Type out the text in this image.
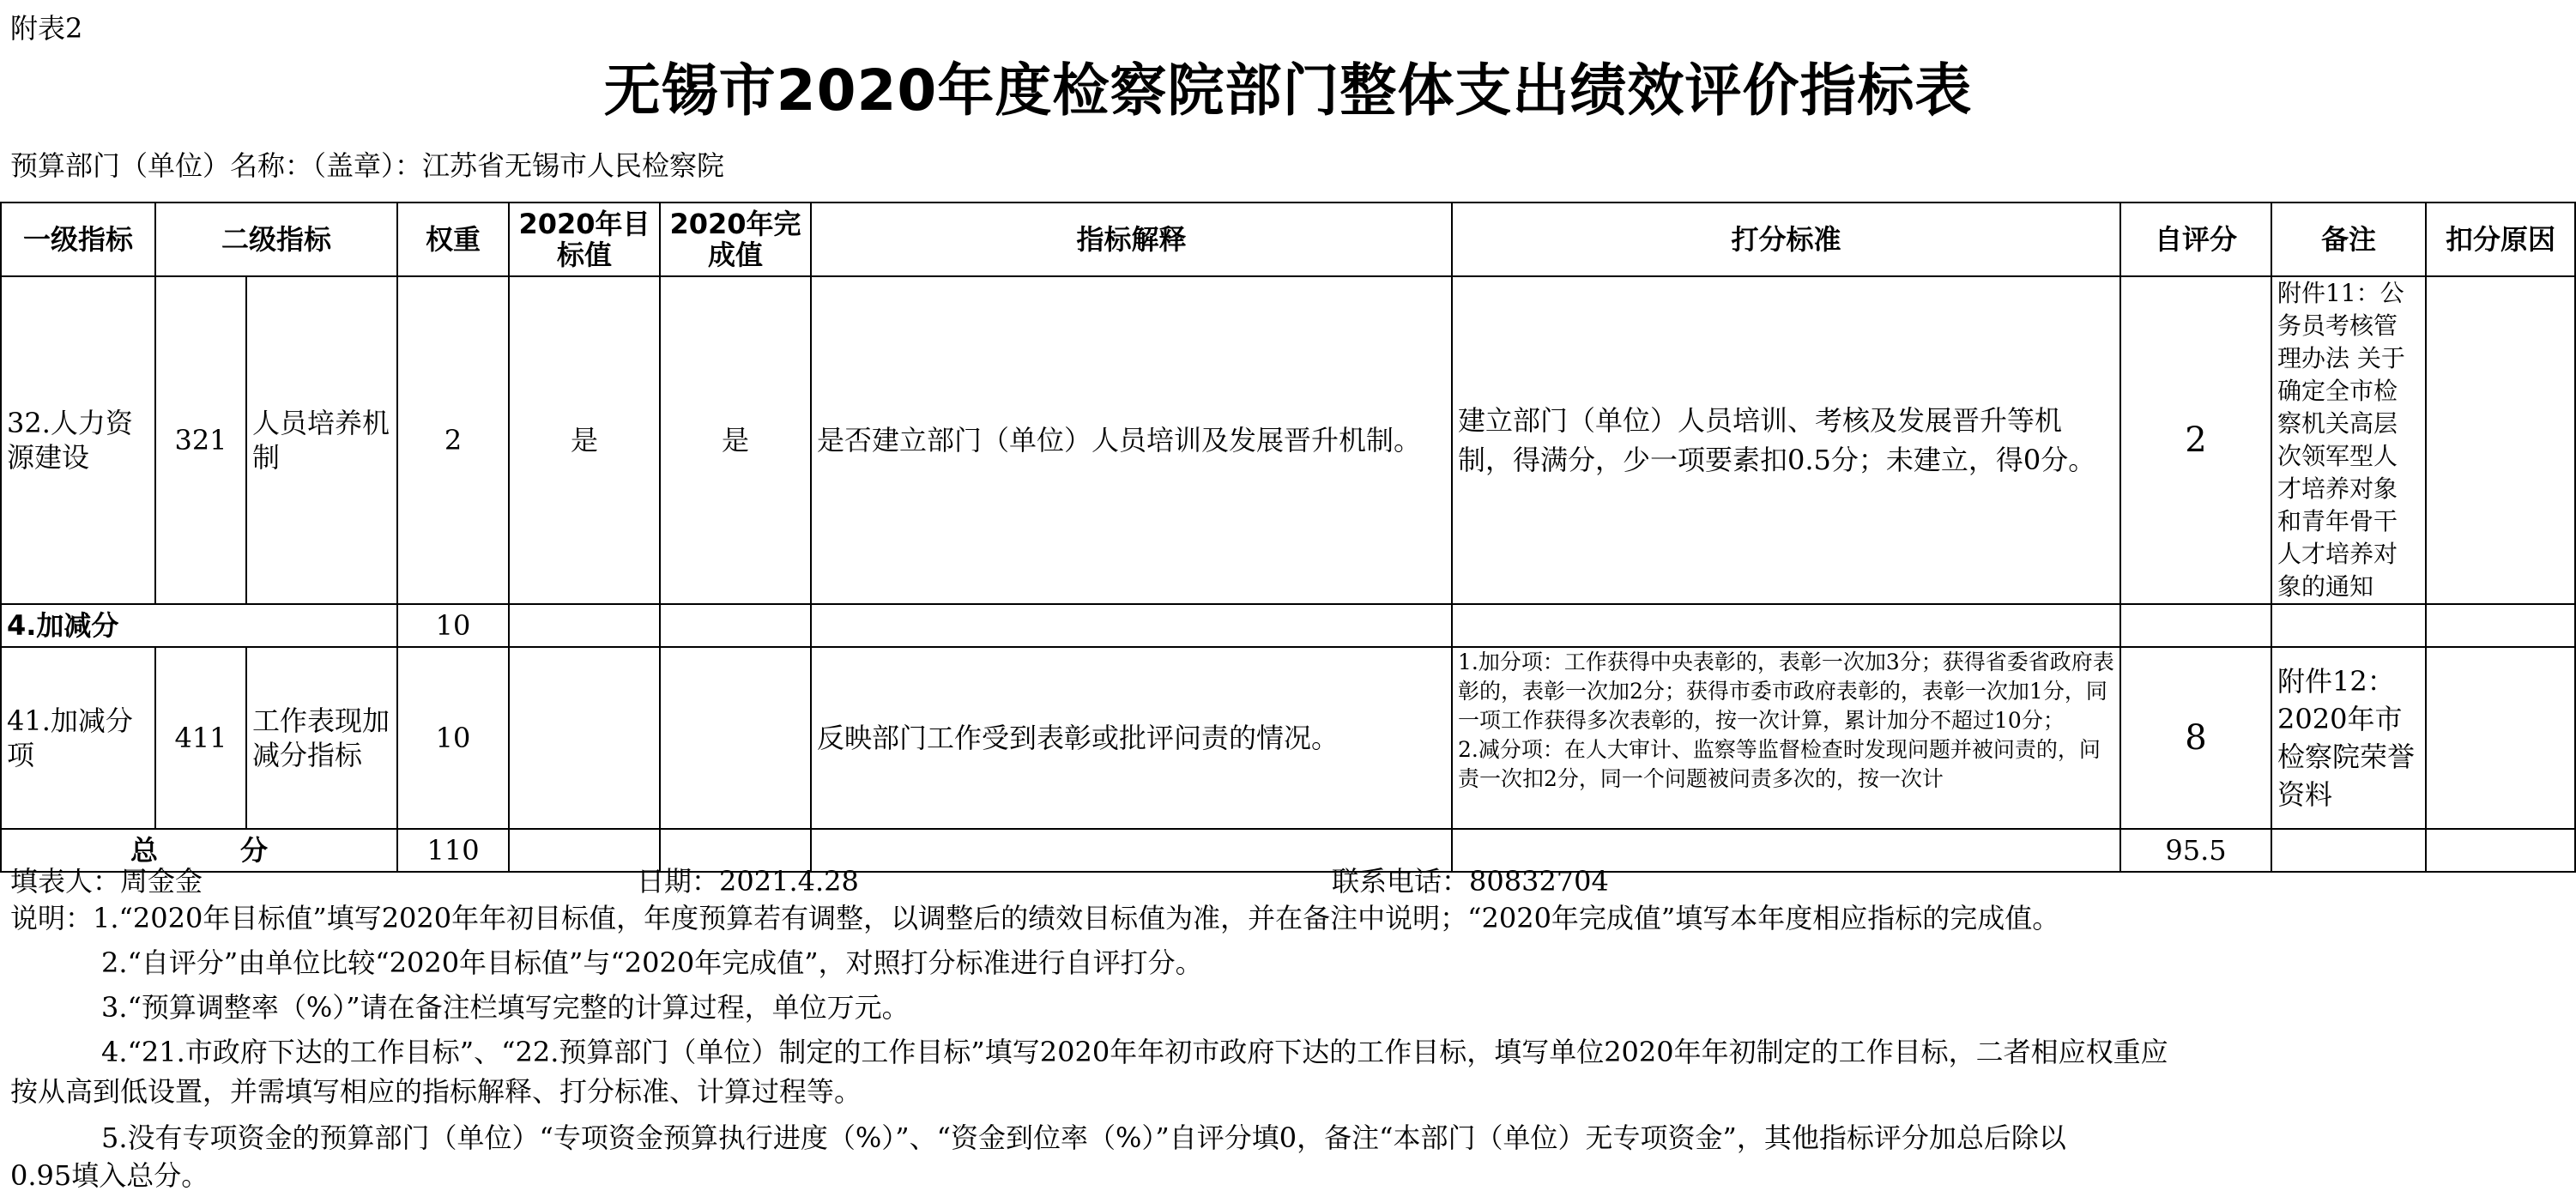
附表2
无锡市2020年度检察院部门整体支出绩效评价指标表
预算部门（单位）名称：（盖章）：江苏省无锡市人民检察院
一级指标	二级指标		权重	2020年目标值	2020年完成值	指标解释	打分标准	自评分	备注	扣分原因
32.人力资源建设	321	人员培养机制	2	是	是	是否建立部门（单位）人员培训及发展晋升机制。	建立部门（单位）人员培训、考核及发展晋升等机制，得满分，少一项要素扣0.5分；未建立，得0分。	2	附件11：公务员考核管理办法 关于确定全市检察机关高层次领军型人才培养对象和青年骨干人才培养对象的通知	
4.加减分			10							
41.加减分项	411	工作表现加减分指标	10			反映部门工作受到表彰或批评问责的情况。	1.加分项：工作获得中央表彰的，表彰一次加3分；获得省委省政府表彰的，表彰一次加2分；获得市委市政府表彰的，表彰一次加1分，同一项工作获得多次表彰的，按一次计算，累计加分不超过10分；
2.减分项：在人大审计、监察等监督检查时发现问题并被问责的，问责一次扣2分，同一个问题被问责多次的，按一次计	8	附件12：2020年市检察院荣誉资料	
总　　　分			110					95.5		
填表人：周金金	日期：2021.4.28	联系电话：80832704
说明：1.“2020年目标值”填写2020年年初目标值，年度预算若有调整，以调整后的绩效目标值为准，并在备注中说明；“2020年完成值”填写本年度相应指标的完成值。
2.“自评分”由单位比较“2020年目标值”与“2020年完成值”，对照打分标准进行自评打分。
3.“预算调整率（%）”请在备注栏填写完整的计算过程，单位万元。
4.“21.市政府下达的工作目标”、“22.预算部门（单位）制定的工作目标”填写2020年年初市政府下达的工作目标，填写单位2020年年初制定的工作目标，二者相应权重应
按从高到低设置，并需填写相应的指标解释、打分标准、计算过程等。
5.没有专项资金的预算部门（单位）“专项资金预算执行进度（%）”、“资金到位率（%）”自评分填0，备注“本部门（单位）无专项资金”，其他指标评分加总后除以
0.95填入总分。
